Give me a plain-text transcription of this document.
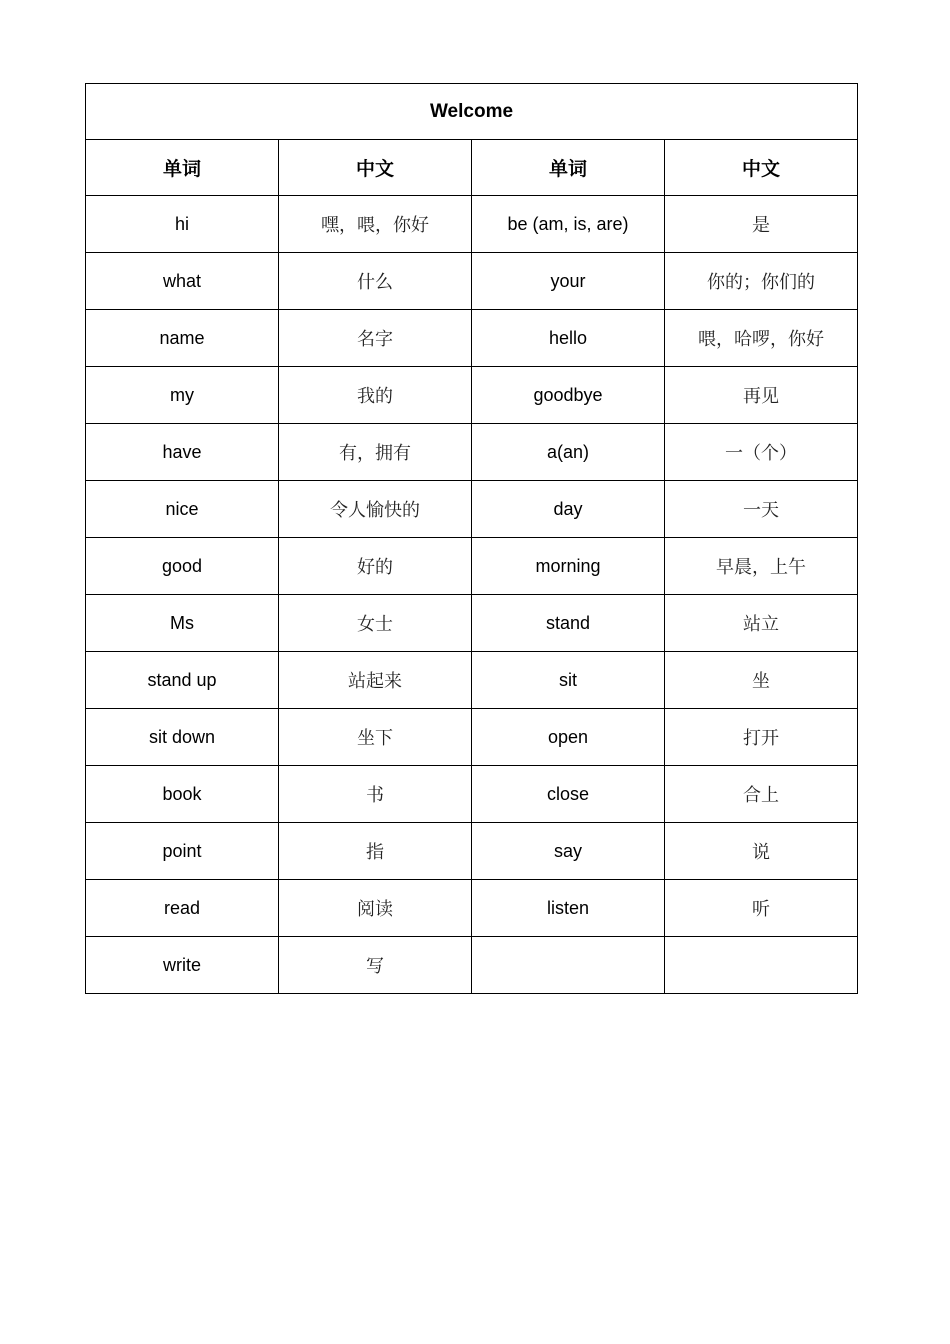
Welcome			
单词	中文	单词	中文
hi	嘿，喂，你好	be (am, is, are)	是
what	什么	your	你的；你们的
name	名字	hello	喂，哈啰，你好
my	我的	goodbye	再见
have	有，拥有	a(an)	一（个）
nice	令人愉快的	day	一天
good	好的	morning	早晨，上午
Ms	女士	stand	站立
stand up	站起来	sit	坐
sit down	坐下	open	打开
book	书	close	合上
point	指	say	说
read	阅读	listen	听
write	写		
